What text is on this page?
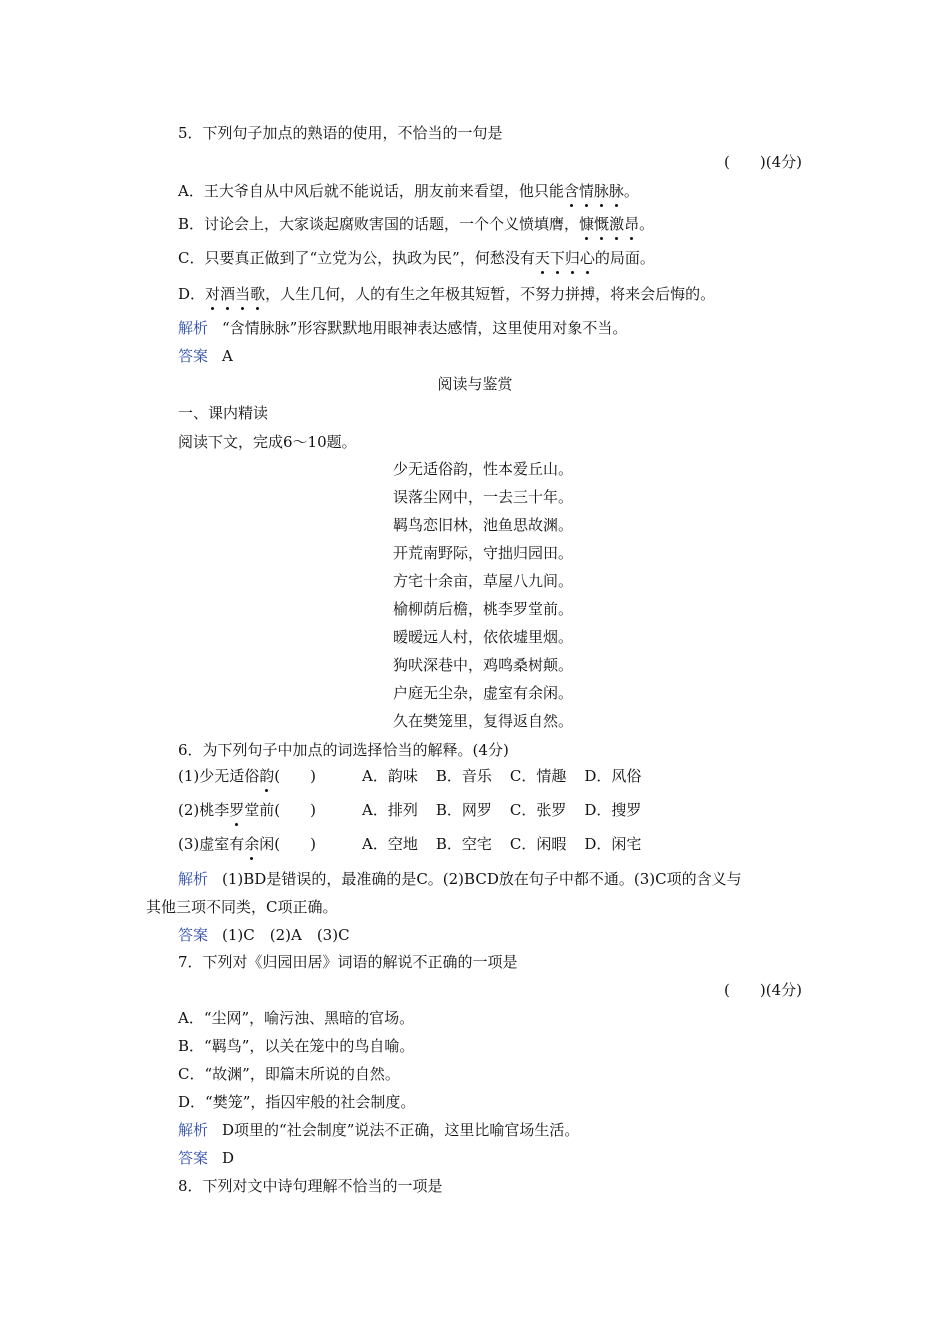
5．下列句子加点的熟语的使用，不恰当的一句是
(　　)(4分)
A．王大爷自从中风后就不能说话，朋友前来看望，他只能含情脉脉。
B．讨论会上，大家谈起腐败害国的话题，一个个义愤填膺，慷慨激昂。
C．只要真正做到了“立党为公，执政为民”，何愁没有天下归心的局面。
D．对酒当歌，人生几何，人的有生之年极其短暂，不努力拼搏，将来会后悔的。
解析 “含情脉脉”形容默默地用眼神表达感情，这里使用对象不当。
答案 A
阅读与鉴赏
一、课内精读
阅读下文，完成6～10题。
少无适俗韵，性本爱丘山。
误落尘网中，一去三十年。
羁鸟恋旧林，池鱼思故渊。
开荒南野际，守拙归园田。
方宅十余亩，草屋八九间。
榆柳荫后檐，桃李罗堂前。
暧暧远人村，依依墟里烟。
狗吠深巷中，鸡鸣桑树颠。
户庭无尘杂，虚室有余闲。
久在樊笼里，复得返自然。
6．为下列句子中加点的词选择恰当的解释。(4分)
(1)少无适俗韵(　　)	A．韵味 B．音乐 C．情趣 D．风俗
(2)桃李罗堂前(　　)	A．排列 B．网罗 C．张罗 D．搜罗
(3)虚室有余闲(　　)	A．空地 B．空宅 C．闲暇 D．闲宅
解析 (1)BD是错误的，最准确的是C。(2)BCD放在句子中都不通。(3)C项的含义与
其他三项不同类，C项正确。
答案 (1)C　(2)A　(3)C
7．下列对《归园田居》词语的解说不正确的一项是
(　　)(4分)
A．“尘网”，喻污浊、黑暗的官场。
B．“羁鸟”，以关在笼中的鸟自喻。
C．“故渊”，即篇末所说的自然。
D．“樊笼”，指囚牢般的社会制度。
解析 D项里的“社会制度”说法不正确，这里比喻官场生活。
答案 D
8．下列对文中诗句理解不恰当的一项是
